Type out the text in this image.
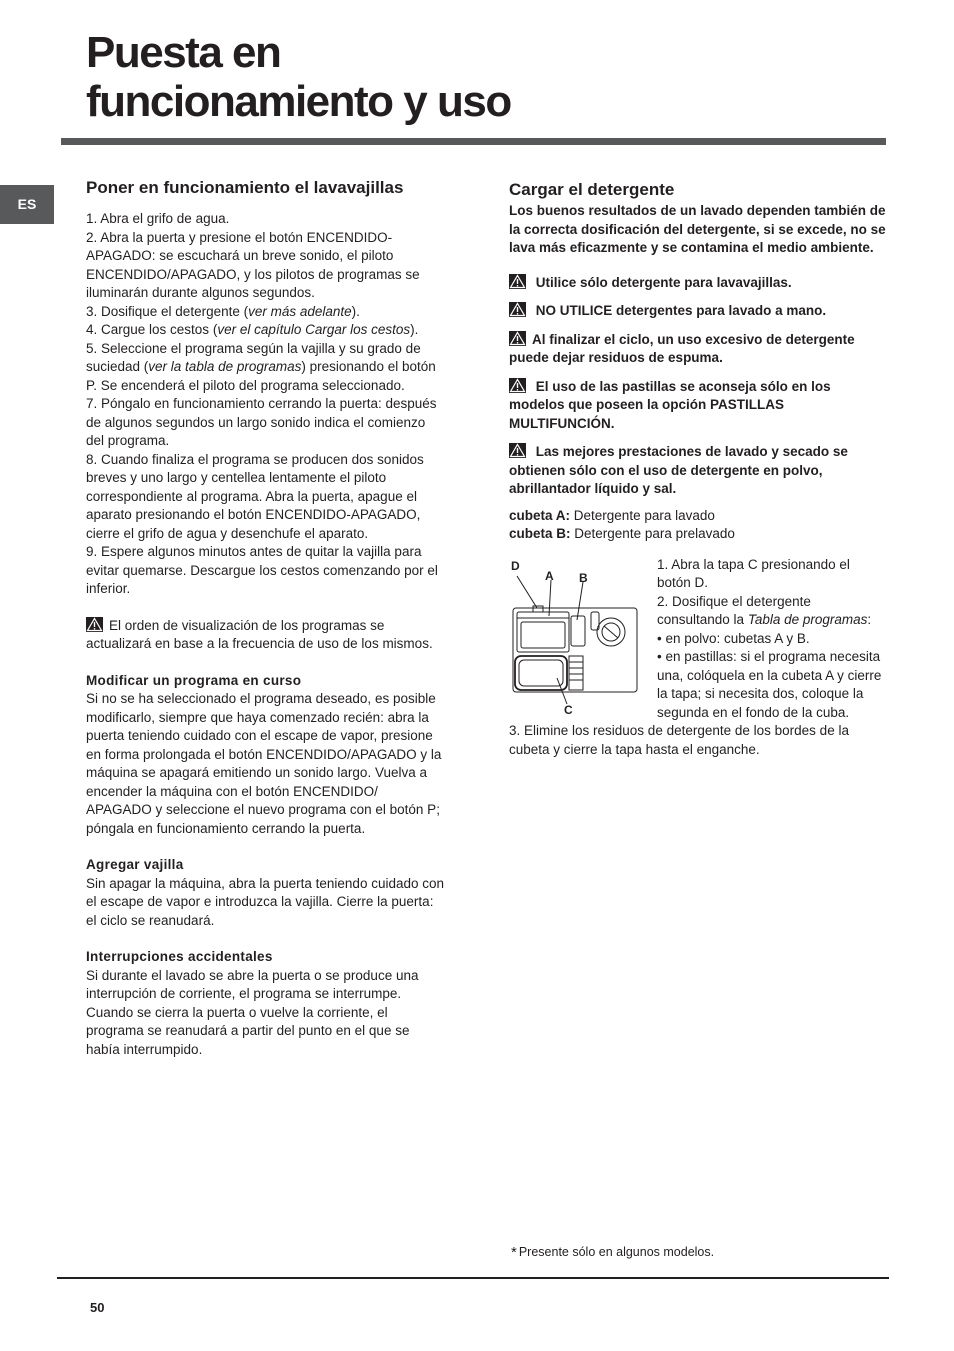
Puesta en
funcionamiento y uso
ES
Poner en funcionamiento el lavavajillas

1. Abra el grifo de agua.

2. Abra la puerta y presione el botón ENCENDIDO-APAGADO: se escuchará un breve sonido, el piloto ENCENDIDO/APAGADO, y los pilotos de programas se iluminarán durante algunos segundos.

3. Dosifique el detergente (ver más adelante).

4. Cargue los cestos (ver el capítulo Cargar los cestos).

5. Seleccione el programa según la vajilla y su grado de suciedad (ver la tabla de programas) presionando el botón P. Se encenderá el piloto del programa seleccionado.

7. Póngalo en funcionamiento cerrando la puerta: después de algunos segundos un largo sonido indica el comienzo del programa.

8. Cuando finaliza el programa se producen dos sonidos breves y uno largo y centellea lentamente el piloto correspondiente al programa. Abra la puerta, apague el aparato presionando el botón ENCENDIDO-APAGADO, cierre el grifo de agua y desenchufe el aparato.

9. Espere algunos minutos antes de quitar la vajilla para evitar quemarse. Descargue los cestos comenzando por el inferior.

El orden de visualización de los programas se actualizará en base a la frecuencia de uso de los mismos.

Modificar un programa en curso

Si no se ha seleccionado el programa deseado, es posible modificarlo, siempre que haya comenzado recién: abra la puerta teniendo cuidado con el escape de vapor, presione en forma prolongada el botón ENCENDIDO/APAGADO y la máquina se apagará emitiendo un sonido largo. Vuelva a encender la máquina con el botón ENCENDIDO/ APAGADO y seleccione el nuevo programa con el botón P; póngala en funcionamiento cerrando la puerta.

Agregar vajilla

Sin apagar la máquina, abra la puerta teniendo cuidado con el escape de vapor e introduzca la vajilla. Cierre la puerta: el ciclo se reanudará.

Interrupciones accidentales

Si durante el lavado se abre la puerta o se produce una interrupción de corriente, el programa se interrumpe. Cuando se cierra la puerta o vuelve la corriente, el programa se reanudará a partir del punto en el que se había interrumpido.

Cargar el detergente

Los buenos resultados de un lavado dependen también de la correcta dosificación del detergente, si se excede, no se lava más eficazmente y se contamina el medio ambiente.

Utilice sólo detergente para lavavajillas.

NO UTILICE detergentes para lavado a mano.

Al finalizar el ciclo, un uso excesivo de detergente puede dejar residuos de espuma.

El uso de las pastillas se aconseja sólo en los modelos que poseen la opción PASTILLAS MULTIFUNCIÓN.

Las mejores prestaciones de lavado y secado se obtienen sólo con el uso de detergente en polvo, abrillantador líquido y sal.

cubeta A: Detergente para lavado

cubeta B: Detergente para prelavado

D
A B
C

1. Abra la tapa C presionando el botón D.

2. Dosifique el detergente consultando la Tabla de programas:

• en polvo: cubetas A y B.

• en pastillas: si el programa necesita una, colóquela en la cubeta A y cierre la tapa; si necesita dos, coloque la segunda en el fondo de la cuba.

3. Elimine los residuos de detergente de los bordes de la cubeta y cierre la tapa hasta el enganche.

* Presente sólo en algunos modelos.
50
